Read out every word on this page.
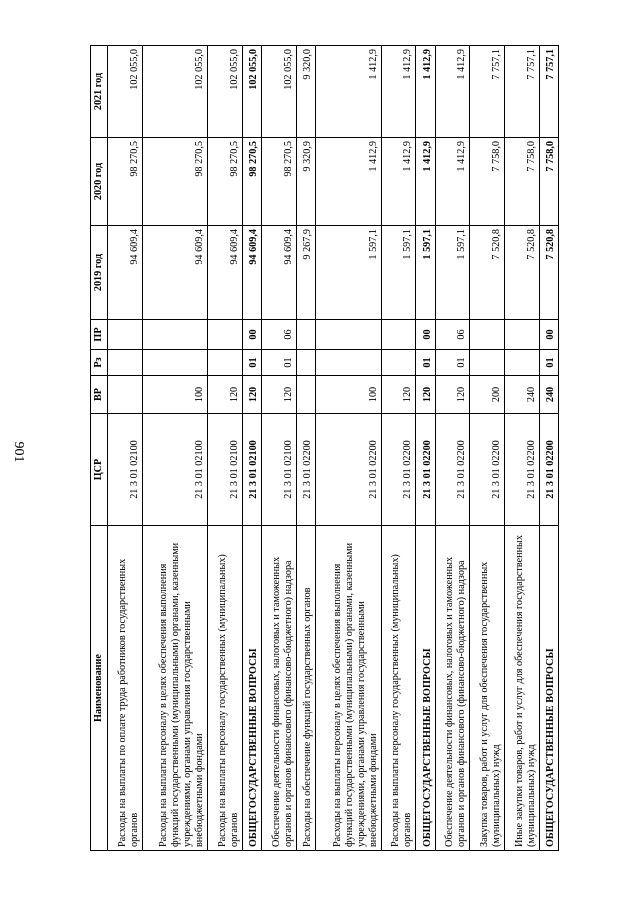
901
Наименование	ЦСР	ВР	Рз	ПР	2019 год	2020 год	2021 год
Расходы на выплаты по оплате труда работников государственных органов	21 3 01 02100				94 609,4	98 270,5	102 055,0
Расходы на выплаты персоналу в целях обеспечения выполнения функций государственными (муниципальными) органами, казенными учреждениями, органами управления государственными внебюджетными фондами	21 3 01 02100	100			94 609,4	98 270,5	102 055,0
Расходы на выплаты персоналу государственных (муниципальных) органов	21 3 01 02100	120			94 609,4	98 270,5	102 055,0
ОБЩЕГОСУДАРСТВЕННЫЕ ВОПРОСЫ	21 3 01 02100	120	01	00	94 609,4	98 270,5	102 055,0
Обеспечение деятельности финансовых, налоговых и таможенных органов и органов финансового (финансово-бюджетного) надзора	21 3 01 02100	120	01	06	94 609,4	98 270,5	102 055,0
Расходы на обеспечение функций государственных органов	21 3 01 02200				9 267,9	9 320,9	9 320,0
Расходы на выплаты персоналу в целях обеспечения выполнения функций государственными (муниципальными) органами, казенными учреждениями, органами управления государственными внебюджетными фондами	21 3 01 02200	100			1 597,1	1 412,9	1 412,9
Расходы на выплаты персоналу государственных (муниципальных) органов	21 3 01 02200	120			1 597,1	1 412,9	1 412,9
ОБЩЕГОСУДАРСТВЕННЫЕ ВОПРОСЫ	21 3 01 02200	120	01	00	1 597,1	1 412,9	1 412,9
Обеспечение деятельности финансовых, налоговых и таможенных органов и органов финансового (финансово-бюджетного) надзора	21 3 01 02200	120	01	06	1 597,1	1 412,9	1 412,9
Закупка товаров, работ и услуг для обеспечения государственных (муниципальных) нужд	21 3 01 02200	200			7 520,8	7 758,0	7 757,1
Иные закупки товаров, работ и услуг для обеспечения государственных (муниципальных) нужд	21 3 01 02200	240			7 520,8	7 758,0	7 757,1
ОБЩЕГОСУДАРСТВЕННЫЕ ВОПРОСЫ	21 3 01 02200	240	01	00	7 520,8	7 758,0	7 757,1
